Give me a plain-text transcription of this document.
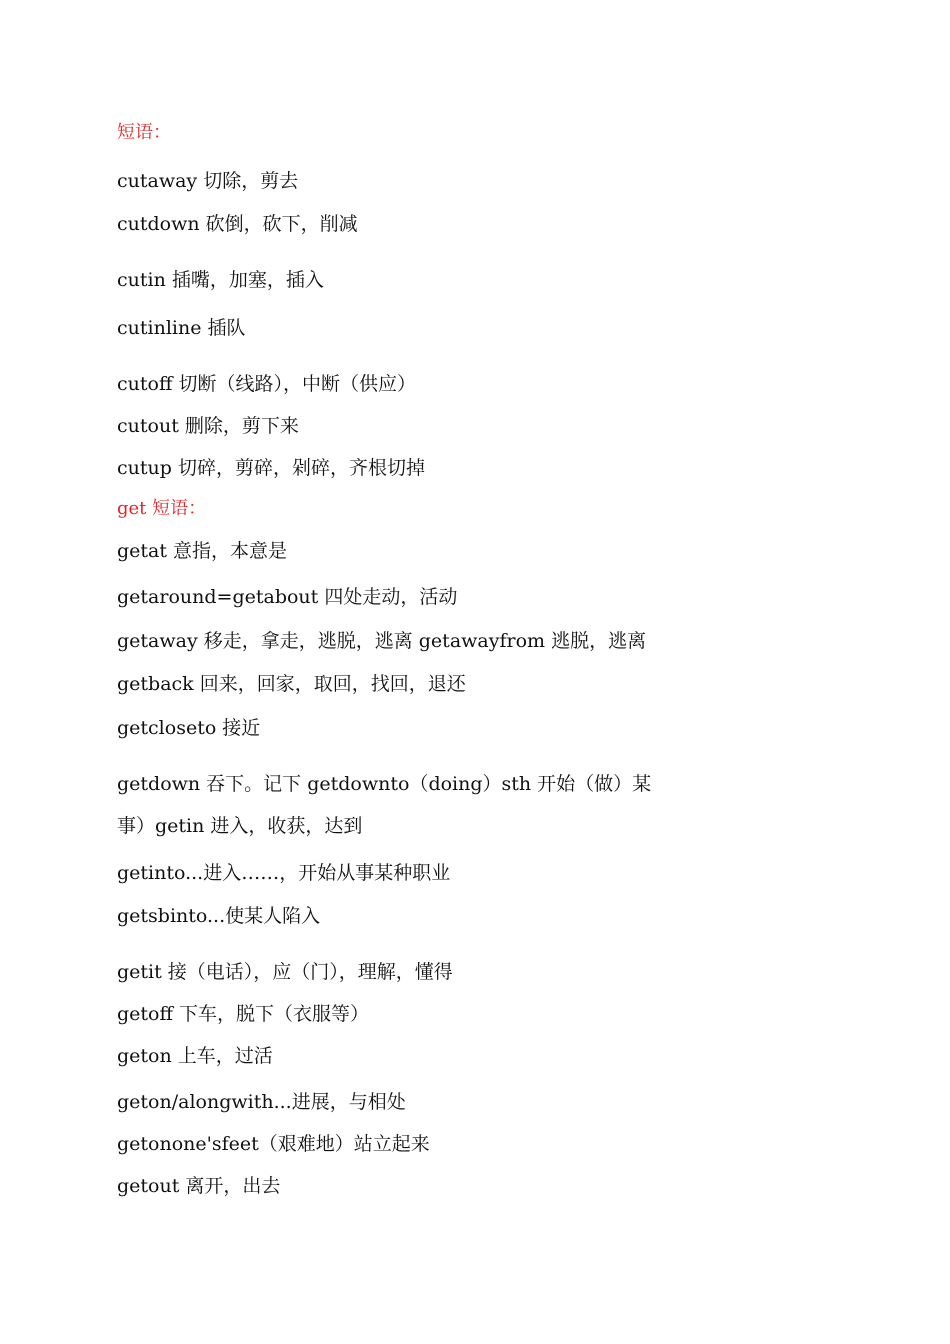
短语：
cutaway 切除，剪去
cutdown 砍倒，砍下，削减
cutin 插嘴，加塞，插入
cutinline 插队
cutoff 切断（线路），中断（供应）
cutout 删除，剪下来
cutup 切碎，剪碎，剁碎，齐根切掉
get 短语：
getat 意指，本意是
getaround=getabout 四处走动，活动
getaway 移走，拿走，逃脱，逃离 getawayfrom 逃脱，逃离
getback 回来，回家，取回，找回，退还
getcloseto 接近
getdown 吞下。记下 getdownto（doing）sth 开始（做）某
事）getin 进入，收获，达到
getinto...进入……，开始从事某种职业
getsbinto...使某人陷入
getit 接（电话），应（门），理解，懂得
getoff 下车，脱下（衣服等）
geton 上车，过活
geton/alongwith...进展，与相处
getonone'sfeet（艰难地）站立起来
getout 离开，出去
